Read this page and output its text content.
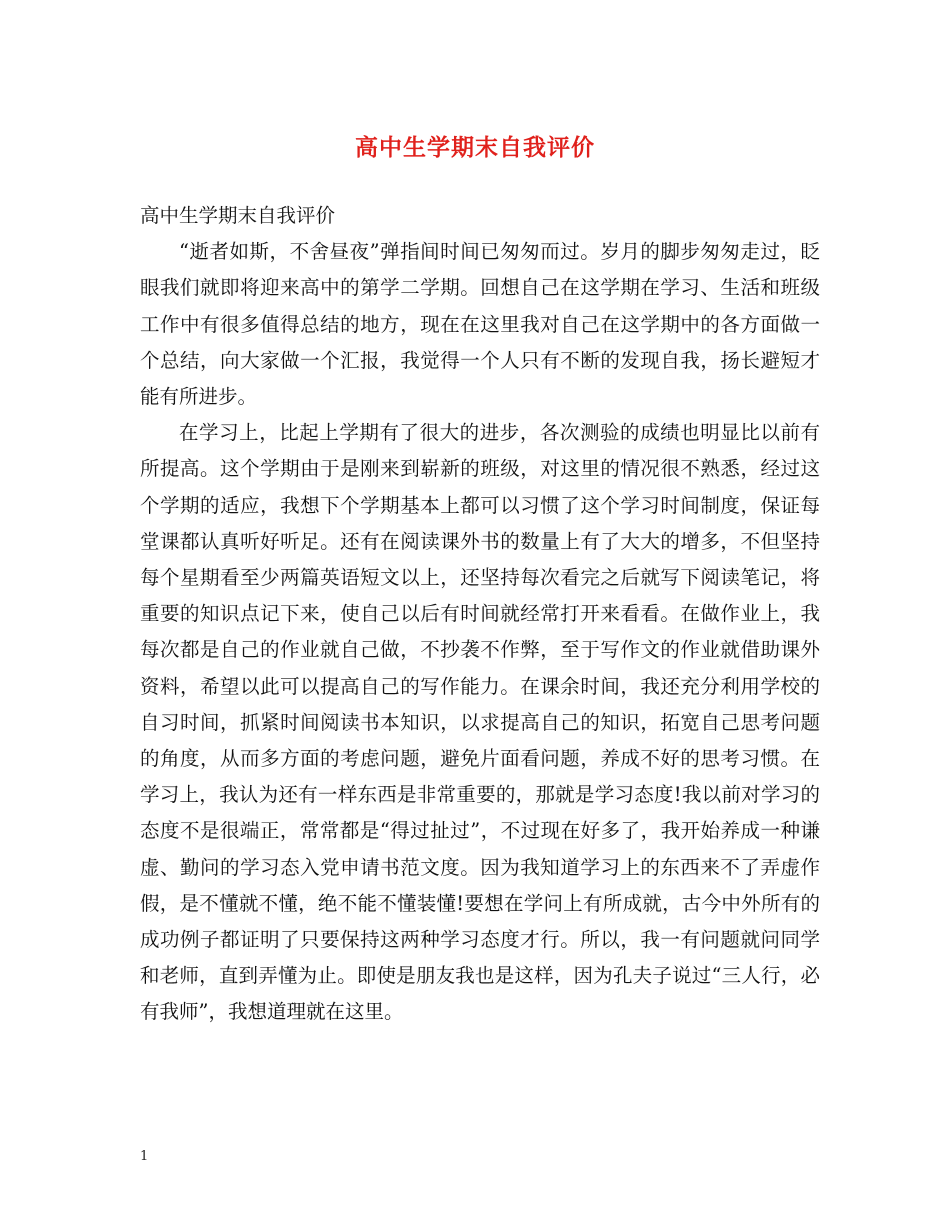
高中生学期末自我评价

高中生学期末自我评价

“逝者如斯，不舍昼夜”弹指间时间已匆匆而过。岁月的脚步匆匆走过，眨眼我们就即将迎来高中的第学二学期。回想自己在这学期在学习、生活和班级工作中有很多值得总结的地方，现在在这里我对自己在这学期中的各方面做一个总结，向大家做一个汇报，我觉得一个人只有不断的发现自我，扬长避短才能有所进步。

在学习上，比起上学期有了很大的进步，各次测验的成绩也明显比以前有所提高。这个学期由于是刚来到崭新的班级，对这里的情况很不熟悉，经过这个学期的适应，我想下个学期基本上都可以习惯了这个学习时间制度，保证每堂课都认真听好听足。还有在阅读课外书的数量上有了大大的增多，不但坚持每个星期看至少两篇英语短文以上，还坚持每次看完之后就写下阅读笔记，将重要的知识点记下来，使自己以后有时间就经常打开来看看。在做作业上，我每次都是自己的作业就自己做，不抄袭不作弊，至于写作文的作业就借助课外资料，希望以此可以提高自己的写作能力。在课余时间，我还充分利用学校的自习时间，抓紧时间阅读书本知识，以求提高自己的知识，拓宽自己思考问题的角度，从而多方面的考虑问题，避免片面看问题，养成不好的思考习惯。在学习上，我认为还有一样东西是非常重要的，那就是学习态度!我以前对学习的态度不是很端正，常常都是“得过扯过”，不过现在好多了，我开始养成一种谦虚、勤问的学习态入党申请书范文度。因为我知道学习上的东西来不了弄虚作假，是不懂就不懂，绝不能不懂装懂!要想在学问上有所成就，古今中外所有的成功例子都证明了只要保持这两种学习态度才行。所以，我一有问题就问同学和老师，直到弄懂为止。即使是朋友我也是这样，因为孔夫子说过“三人行，必有我师”，我想道理就在这里。

1
